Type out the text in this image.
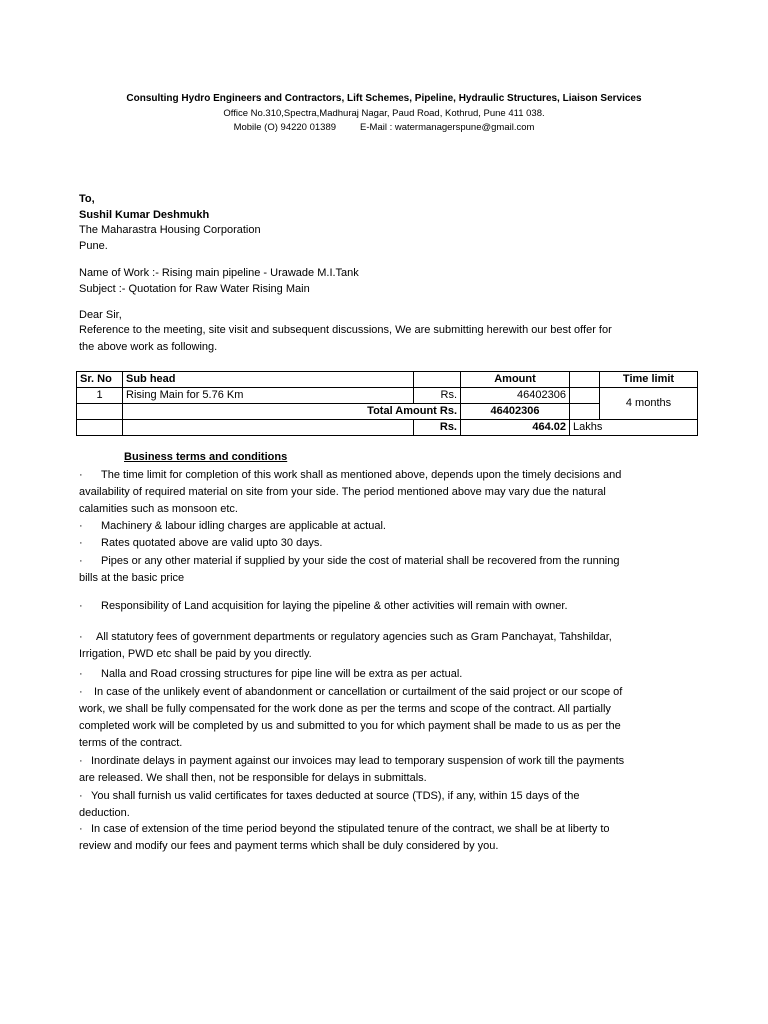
Consulting Hydro Engineers and Contractors, Lift Schemes, Pipeline, Hydraulic Structures, Liaison Services
Office No.310,Spectra,Madhuraj Nagar, Paud Road, Kothrud, Pune 411 038.
Mobile (O) 94220 01389	E-Mail : watermanagerspune@gmail.com
To,
Sushil Kumar Deshmukh
The Maharastra Housing Corporation
Pune.
Name of Work :- Rising main pipeline - Urawade M.I.Tank
Subject :- Quotation for Raw Water Rising Main
Dear Sir,
Reference to the meeting, site visit and subsequent discussions, We are submitting herewith our best offer for
the above work as following.
Sr. No	Sub head		Amount		Time limit
1	Rising Main for 5.76 Km	Rs.	46402306		4 months
	Total Amount Rs.		46402306		
		Rs.	464.02	Lakhs	
Business terms and conditions
· The time limit for completion of this work shall as mentioned above, depends upon the timely decisions and
availability of required material on site from your side. The period mentioned above may vary due the natural
calamities such as monsoon etc.
· Machinery & labour idling charges are applicable at actual.
· Rates quotated above are valid upto 30 days.
· Pipes or any other material if supplied by your side the cost of material shall be recovered from the running
bills at the basic price
· Responsibility of Land acquisition for laying the pipeline & other activities will remain with owner.
· All statutory fees of government departments or regulatory agencies such as Gram Panchayat, Tahshildar,
Irrigation, PWD etc shall be paid by you directly.
· Nalla and Road crossing structures for pipe line will be extra as per actual.
· In case of the unlikely event of abandonment or cancellation or curtailment of the said project or our scope of
work, we shall be fully compensated for the work done as per the terms and scope of the contract. All partially
completed work will be completed by us and submitted to you for which payment shall be made to us as per the
terms of the contract.
· Inordinate delays in payment against our invoices may lead to temporary suspension of work till the payments
are released. We shall then, not be responsible for delays in submittals.
· You shall furnish us valid certificates for taxes deducted at source (TDS), if any, within 15 days of the
deduction.
· In case of extension of the time period beyond the stipulated tenure of the contract, we shall be at liberty to
review and modify our fees and payment terms which shall be duly considered by you.
